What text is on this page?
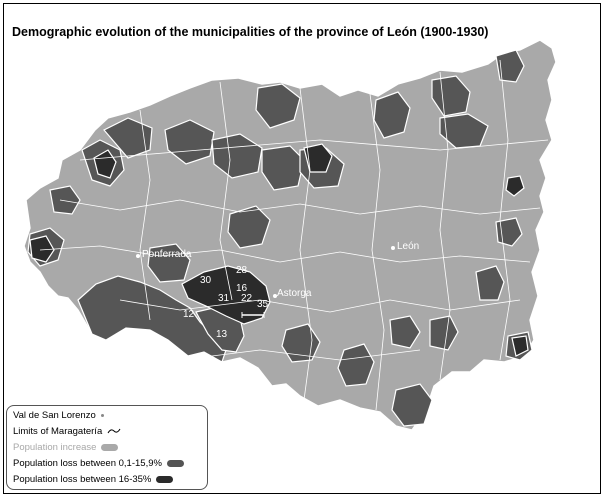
Demographic evolution of the municipalities of the province of León (1900-1930)
Ponferrada
León
Astorga
28
30
16
31 22
35
12
13
Val de San Lorenzo
Limits of Maragatería
Population increase
Population loss between 0,1-15,9%
Population loss between 16-35%
